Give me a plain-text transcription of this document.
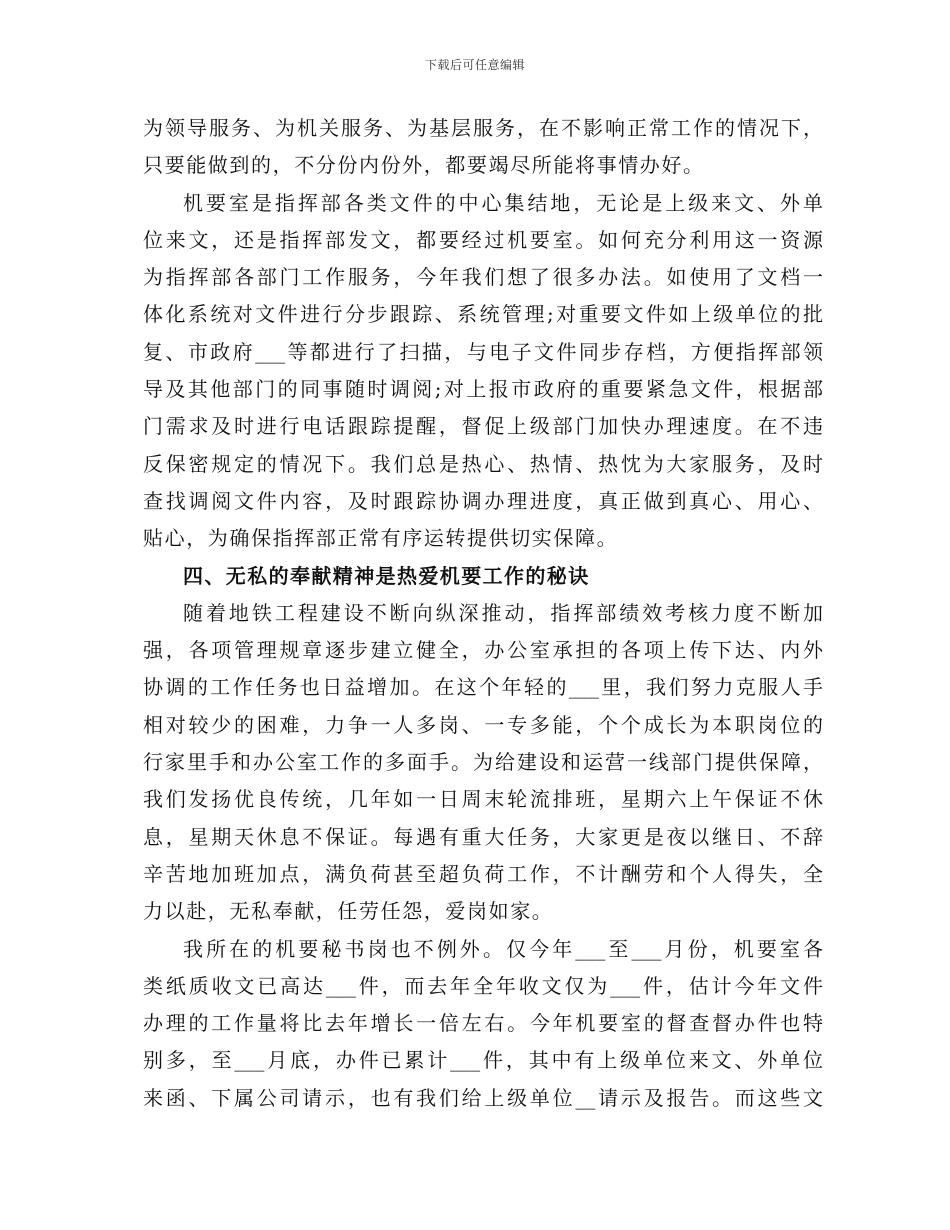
下载后可任意编辑
为领导服务、为机关服务、为基层服务，在不影响正常工作的情况下，
只要能做到的，不分份内份外，都要竭尽所能将事情办好。
机要室是指挥部各类文件的中心集结地，无论是上级来文、外单
位来文，还是指挥部发文，都要经过机要室。如何充分利用这一资源
为指挥部各部门工作服务，今年我们想了很多办法。如使用了文档一
体化系统对文件进行分步跟踪、系统管理;对重要文件如上级单位的批
复、市政府___等都进行了扫描，与电子文件同步存档，方便指挥部领
导及其他部门的同事随时调阅;对上报市政府的重要紧急文件，根据部
门需求及时进行电话跟踪提醒，督促上级部门加快办理速度。在不违
反保密规定的情况下。我们总是热心、热情、热忱为大家服务，及时
查找调阅文件内容，及时跟踪协调办理进度，真正做到真心、用心、
贴心，为确保指挥部正常有序运转提供切实保障。
四、无私的奉献精神是热爱机要工作的秘诀
随着地铁工程建设不断向纵深推动，指挥部绩效考核力度不断加
强，各项管理规章逐步建立健全，办公室承担的各项上传下达、内外
协调的工作任务也日益增加。在这个年轻的___里，我们努力克服人手
相对较少的困难，力争一人多岗、一专多能，个个成长为本职岗位的
行家里手和办公室工作的多面手。为给建设和运营一线部门提供保障，
我们发扬优良传统，几年如一日周末轮流排班，星期六上午保证不休
息，星期天休息不保证。每遇有重大任务，大家更是夜以继日、不辞
辛苦地加班加点，满负荷甚至超负荷工作，不计酬劳和个人得失，全
力以赴，无私奉献，任劳任怨，爱岗如家。
我所在的机要秘书岗也不例外。仅今年___至___月份，机要室各
类纸质收文已高达___件，而去年全年收文仅为___件，估计今年文件
办理的工作量将比去年增长一倍左右。今年机要室的督查督办件也特
别多，至___月底，办件已累计___件，其中有上级单位来文、外单位
来函、下属公司请示，也有我们给上级单位__请示及报告。而这些文
